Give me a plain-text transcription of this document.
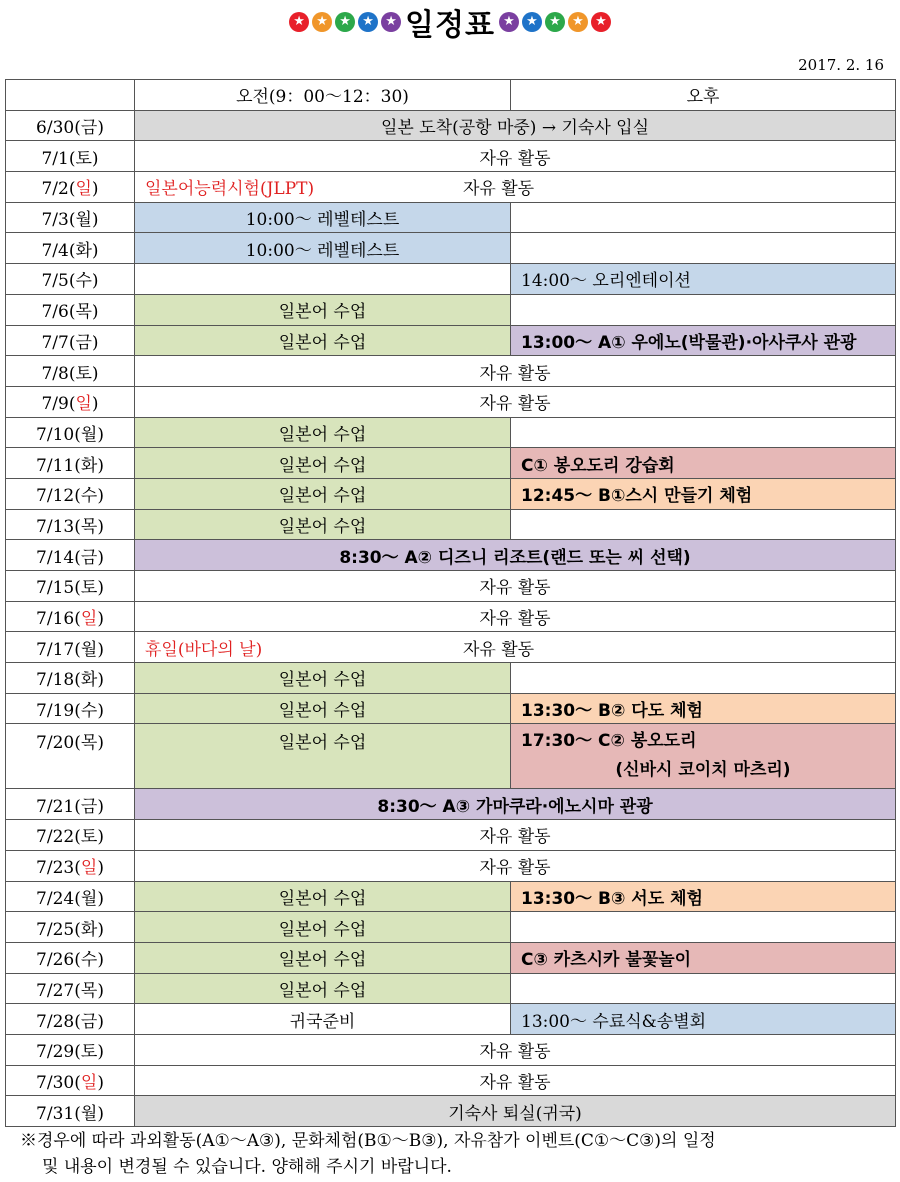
★ ★ ★ ★ ★ 일정표 ★ ★ ★ ★ ★
2017. 2. 16
	오전(9：00～12：30)	오후
6/30(금)	일본 도착(공항 마중) → 기숙사 입실	
7/1(토)	자유 활동	
7/2(일)	일본어능력시험(JLPT) 자유 활동	

7/3(월)	10:00～ 레벨테스트	
7/4(화)	10:00～ 레벨테스트	
7/5(수)		14:00～ 오리엔테이션
7/6(목)	일본어 수업	
7/7(금)	일본어 수업	13:00～ A① 우에노(박물관)·아사쿠사 관광
7/8(토)	자유 활동	
7/9(일)	자유 활동	
7/10(월)	일본어 수업	
7/11(화)	일본어 수업	C① 봉오도리 강습회
7/12(수)	일본어 수업	12:45～ B①스시 만들기 체험
7/13(목)	일본어 수업	
7/14(금)	8:30～ A② 디즈니 리조트(랜드 또는 씨 선택)	
7/15(토)	자유 활동	
7/16(일)	자유 활동	
7/17(월)	휴일(바다의 날) 자유 활동	

7/18(화)	일본어 수업	
7/19(수)	일본어 수업	13:30～ B② 다도 체험
7/20(목)	일본어 수업	17:30～ C② 봉오도리
(신바시 코이치 마츠리)

7/21(금)	8:30～ A③ 가마쿠라·에노시마 관광	
7/22(토)	자유 활동	
7/23(일)	자유 활동	
7/24(월)	일본어 수업	13:30～ B③ 서도 체험
7/25(화)	일본어 수업	
7/26(수)	일본어 수업	C③ 카츠시카 불꽃놀이
7/27(목)	일본어 수업	
7/28(금)	귀국준비	13:00～ 수료식&송별회
7/29(토)	자유 활동	
7/30(일)	자유 활동	
7/31(월)	기숙사 퇴실(귀국)	
※경우에 따라 과외활동(A①～A③), 문화체험(B①～B③), 자유참가 이벤트(C①～C③)의 일정
및 내용이 변경될 수 있습니다. 양해해 주시기 바랍니다.
